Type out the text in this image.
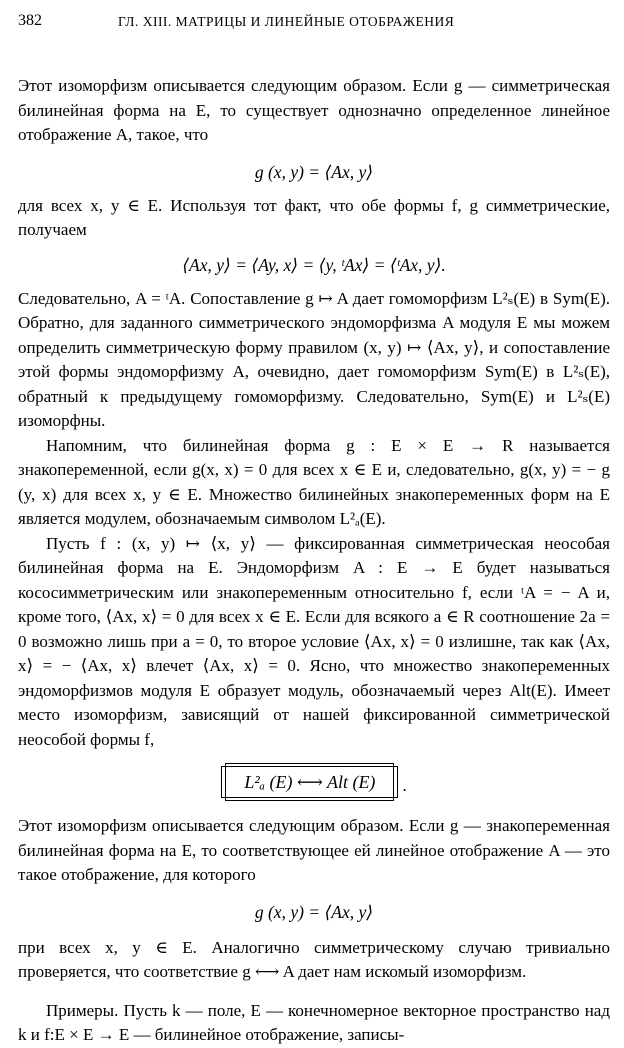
382	ГЛ. XIII. МАТРИЦЫ И ЛИНЕЙНЫЕ ОТОБРАЖЕНИЯ

Этот изоморфизм описывается следующим образом. Если g — симметрическая билинейная форма на E, то существует однозначно определенное линейное отображение A, такое, что

g (x, y) = ⟨Ax, y⟩

для всех x, y ∈ E. Используя тот факт, что обе формы f, g симметрические, получаем

⟨Ax, y⟩ = ⟨Ay, x⟩ = ⟨y, ᵗAx⟩ = ⟨ᵗAx, y⟩.

Следовательно, A = ᵗA. Сопоставление g ↦ A дает гомоморфизм L²ₛ(E) в Sym(E). Обратно, для заданного симметрического эндоморфизма A модуля E мы можем определить симметрическую форму правилом (x, y) ↦ ⟨Ax, y⟩, и сопоставление этой формы эндоморфизму A, очевидно, дает гомоморфизм Sym(E) в L²ₛ(E), обратный к предыдущему гомоморфизму. Следовательно, Sym(E) и L²ₛ(E) изоморфны.

Напомним, что билинейная форма g : E × E → R называется знакопеременной, если g(x, x) = 0 для всех x ∈ E и, следовательно, g(x, y) = − g (y, x) для всех x, y ∈ E. Множество билинейных знакопеременных форм на E является модулем, обозначаемым символом L²ₐ(E).

Пусть f : (x, y) ↦ ⟨x, y⟩ — фиксированная симметрическая неособая билинейная форма на E. Эндоморфизм A : E → E будет называться кососимметрическим или знакопеременным относительно f, если ᵗA = − A и, кроме того, ⟨Ax, x⟩ = 0 для всех x ∈ E. Если для всякого a ∈ R соотношение 2a = 0 возможно лишь при a = 0, то второе условие ⟨Ax, x⟩ = 0 излишне, так как ⟨Ax, x⟩ = − ⟨Ax, x⟩ влечет ⟨Ax, x⟩ = 0. Ясно, что множество знакопеременных эндоморфизмов модуля E образует модуль, обозначаемый через Alt(E). Имеет место изоморфизм, зависящий от нашей фиксированной симметрической неособой формы f,

L²ₐ (E) ⟷ Alt (E) .

Этот изоморфизм описывается следующим образом. Если g — знакопеременная билинейная форма на E, то соответствующее ей линейное отображение A — это такое отображение, для которого

g (x, y) = ⟨Ax, y⟩

при всех x, y ∈ E. Аналогично симметрическому случаю тривиально проверяется, что соответствие g ⟷ A дает нам искомый изоморфизм.

Примеры. Пусть k — поле, E — конечномерное векторное пространство над k и f:E × E → E — билинейное отображение, записы-
